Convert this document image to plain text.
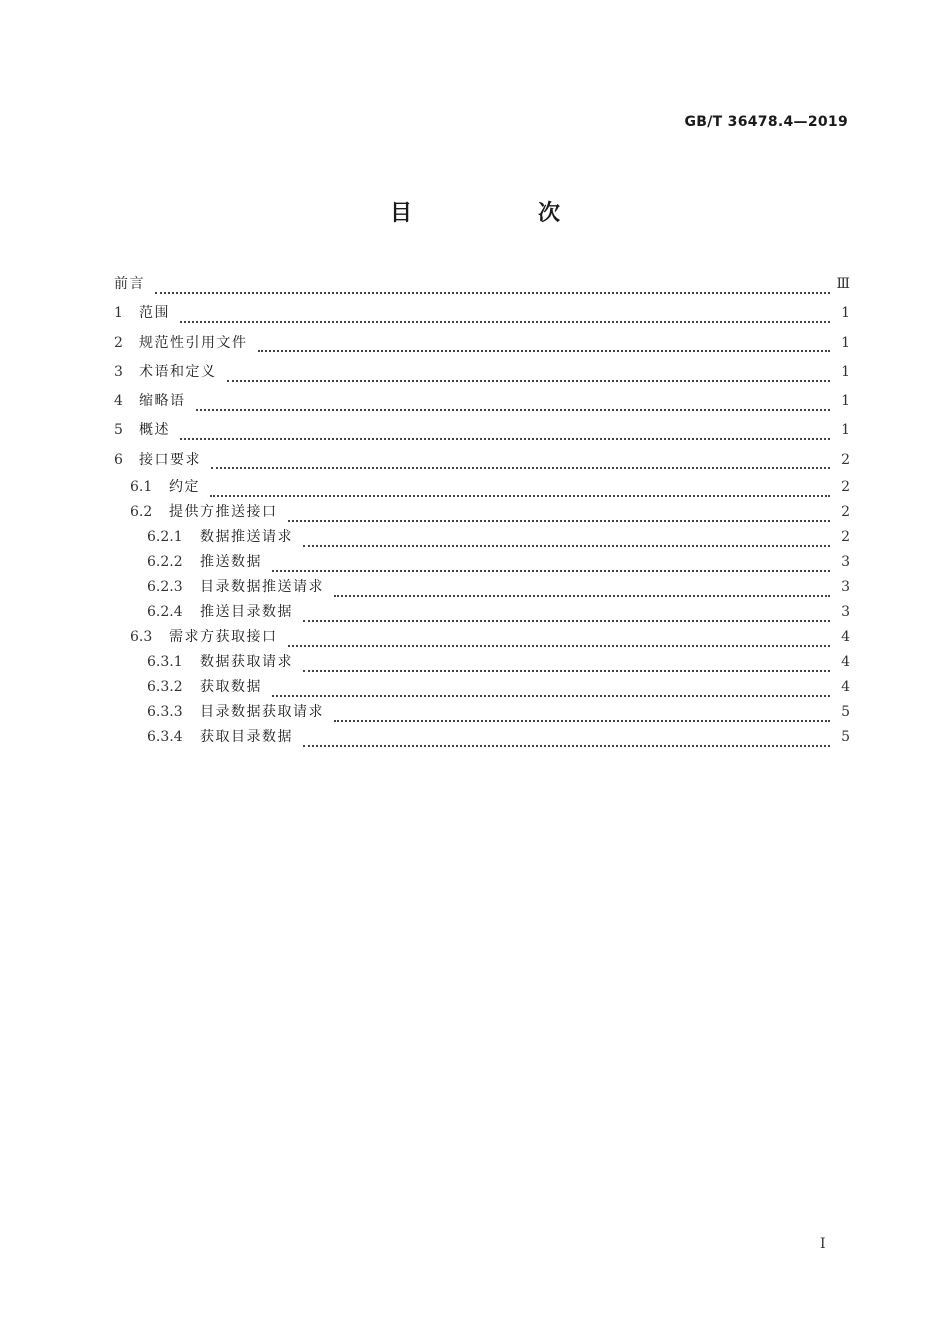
GB/T 36478.4—2019
目　次
前言	Ⅲ
1	范围	1
2	规范性引用文件	1
3	术语和定义	1
4	缩略语	1
5	概述	1
6	接口要求	2
6.1	约定	2
6.2	提供方推送接口	2
6.2.1	数据推送请求	2
6.2.2	推送数据	3
6.2.3	目录数据推送请求	3
6.2.4	推送目录数据	3
6.3	需求方获取接口	4
6.3.1	数据获取请求	4
6.3.2	获取数据	4
6.3.3	目录数据获取请求	5
6.3.4	获取目录数据	5
I
